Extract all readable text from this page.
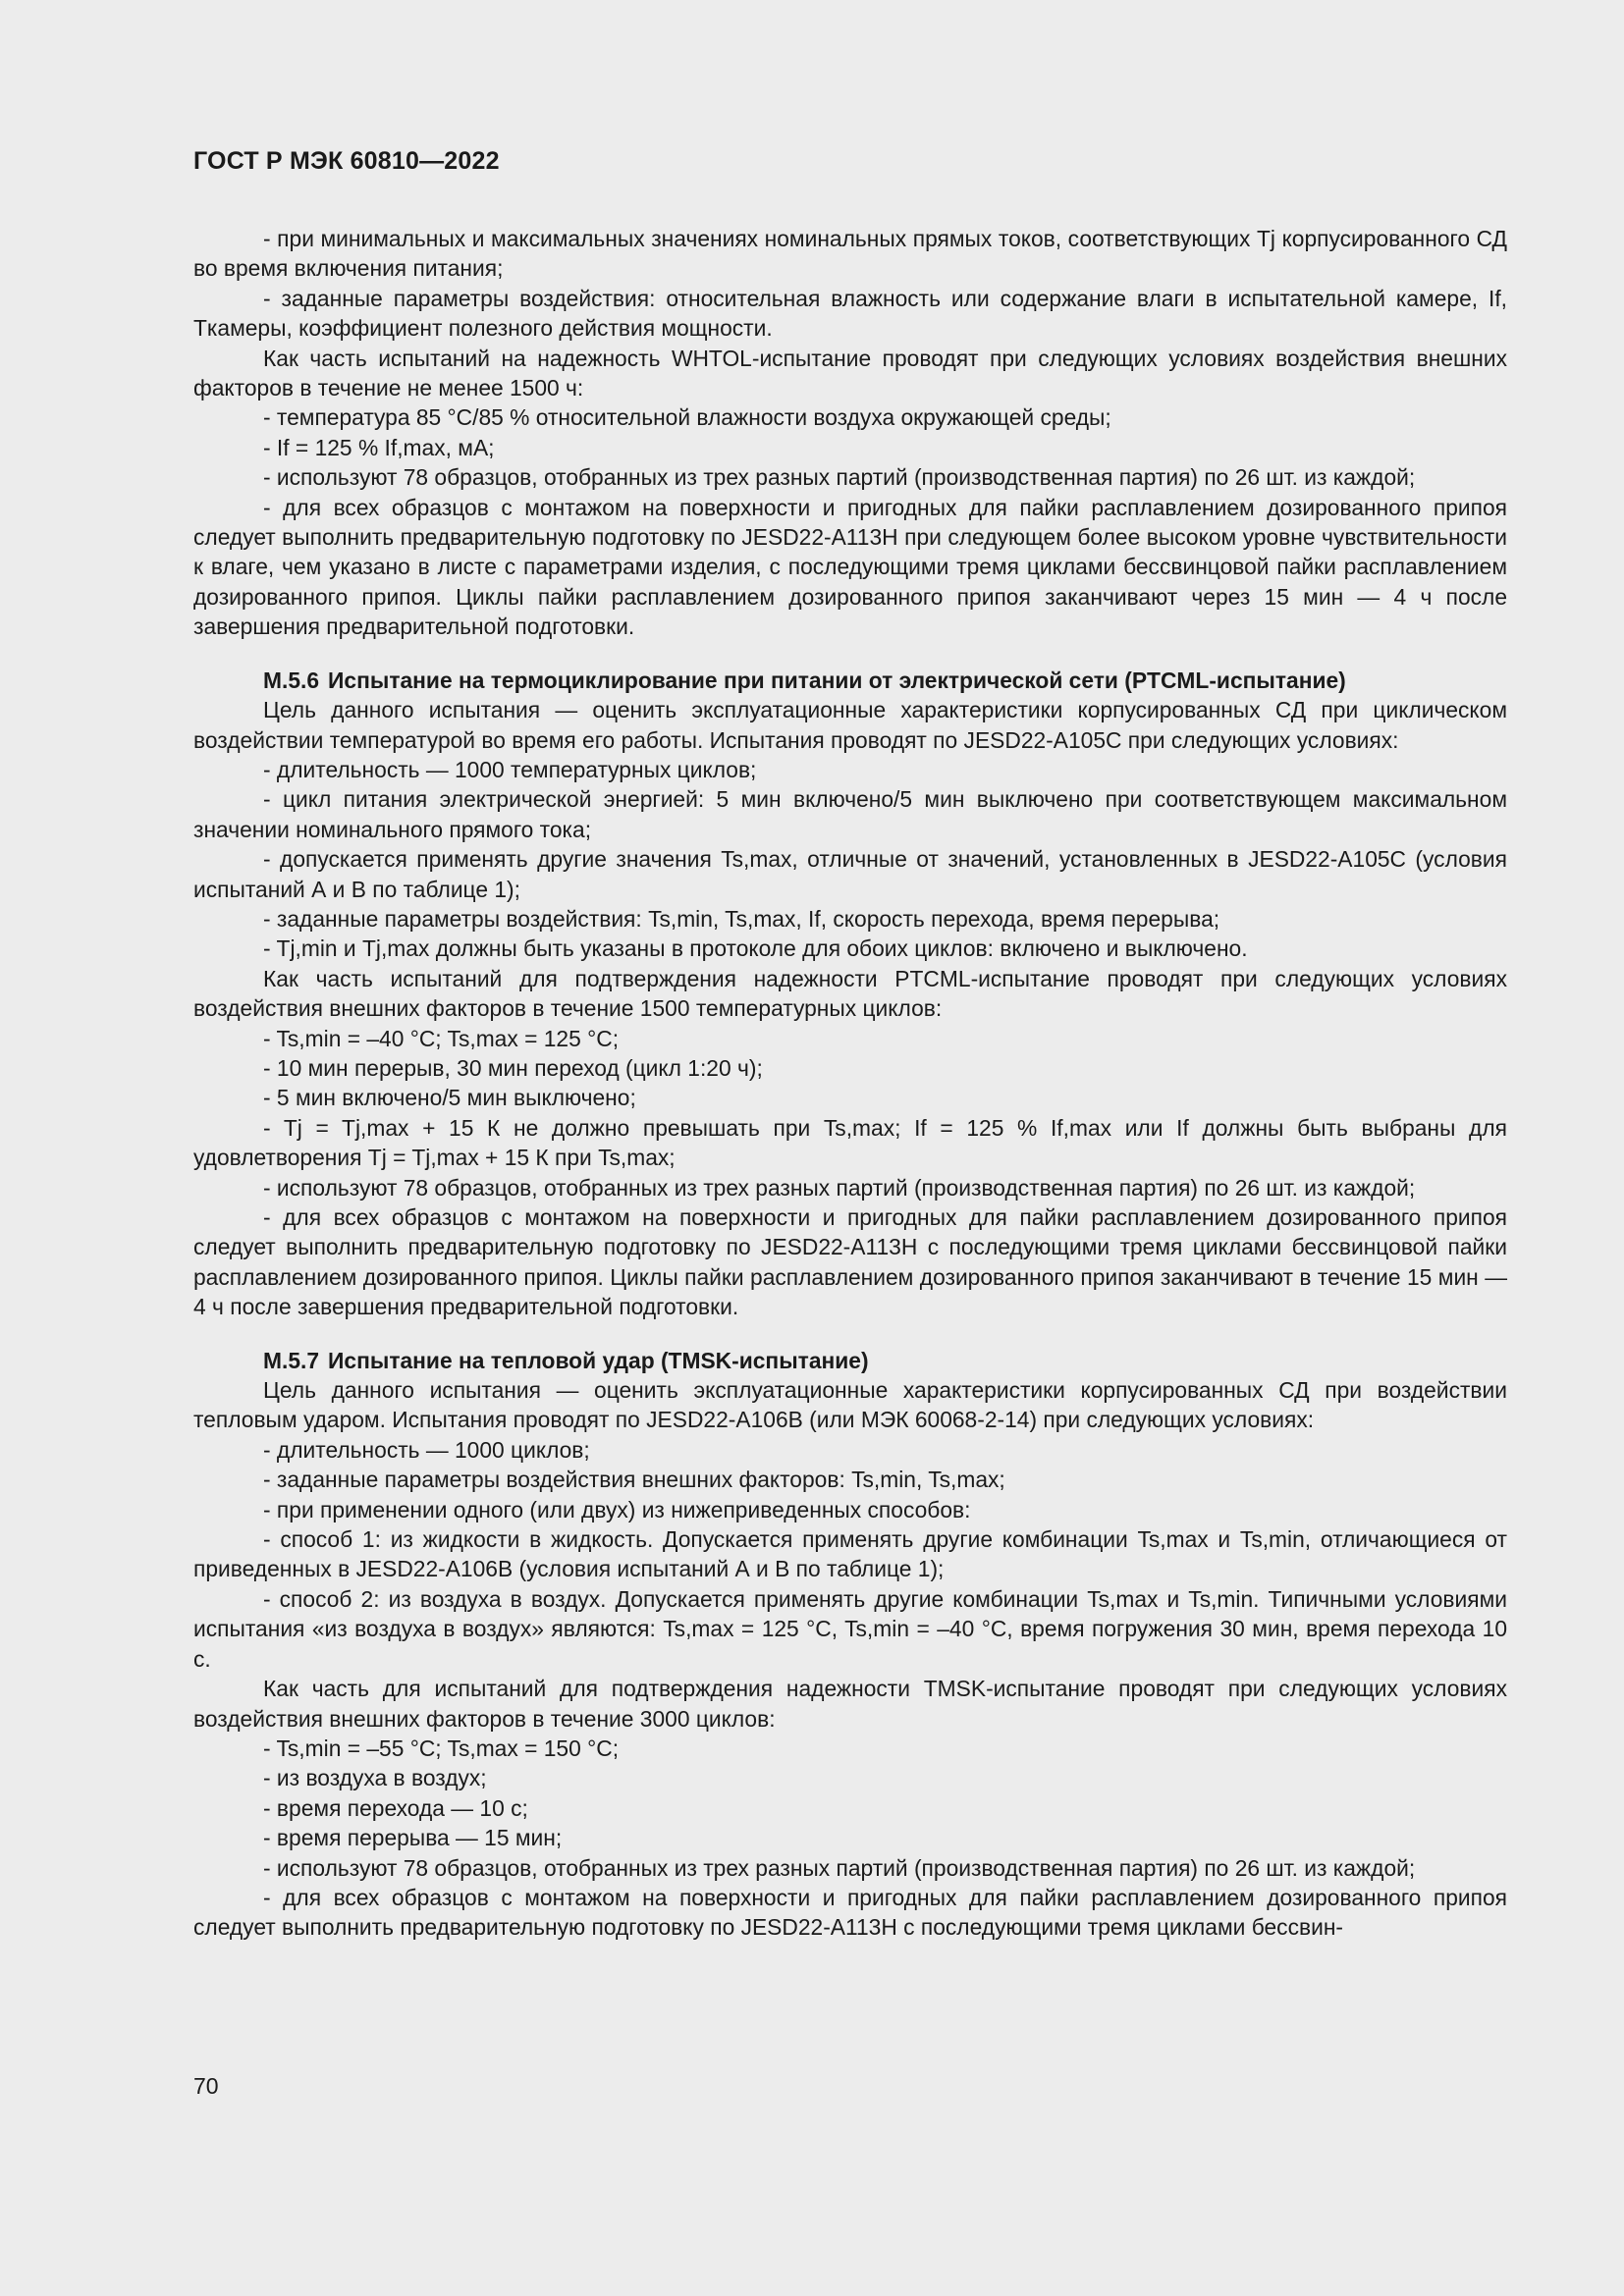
ГОСТ Р МЭК 60810—2022

- при минимальных и максимальных значениях номинальных прямых токов, соответствующих Tj корпусированного СД во время включения питания;

- заданные параметры воздействия: относительная влажность или содержание влаги в испытательной камере, If, Tкамеры, коэффициент полезного действия мощности.

Как часть испытаний на надежность WHTOL-испытание проводят при следующих условиях воздействия внешних факторов в течение не менее 1500 ч:

- температура 85 °C/85 % относительной влажности воздуха окружающей среды;

- If = 125 % If,max, мА;

- используют 78 образцов, отобранных из трех разных партий (производственная партия) по 26 шт. из каждой;

- для всех образцов с монтажом на поверхности и пригодных для пайки расплавлением дозированного припоя следует выполнить предварительную подготовку по JESD22-A113H при следующем более высоком уровне чувствительности к влаге, чем указано в листе с параметрами изделия, с последующими тремя циклами бессвинцовой пайки расплавлением дозированного припоя. Циклы пайки расплавлением дозированного припоя заканчивают через 15 мин — 4 ч после завершения предварительной подготовки.

М.5.6 Испытание на термоциклирование при питании от электрической сети (PTCML-испытание)

Цель данного испытания — оценить эксплуатационные характеристики корпусированных СД при циклическом воздействии температурой во время его работы. Испытания проводят по JESD22-A105C при следующих условиях:

- длительность — 1000 температурных циклов;

- цикл питания электрической энергией: 5 мин включено/5 мин выключено при соответствующем максимальном значении номинального прямого тока;

- допускается применять другие значения Ts,max, отличные от значений, установленных в JESD22-A105C (условия испытаний А и В по таблице 1);

- заданные параметры воздействия: Ts,min, Ts,max, If, скорость перехода, время перерыва;

- Tj,min и Tj,max должны быть указаны в протоколе для обоих циклов: включено и выключено.

Как часть испытаний для подтверждения надежности PTCML-испытание проводят при следующих условиях воздействия внешних факторов в течение 1500 температурных циклов:

- Ts,min = –40 °C; Ts,max = 125 °C;

- 10 мин перерыв, 30 мин переход (цикл 1:20 ч);

- 5 мин включено/5 мин выключено;

- Tj = Tj,max + 15 К не должно превышать при Ts,max; If = 125 % If,max или If должны быть выбраны для удовлетворения Tj = Tj,max + 15 К при Ts,max;

- используют 78 образцов, отобранных из трех разных партий (производственная партия) по 26 шт. из каждой;

- для всех образцов с монтажом на поверхности и пригодных для пайки расплавлением дозированного припоя следует выполнить предварительную подготовку по JESD22-A113H с последующими тремя циклами бессвинцовой пайки расплавлением дозированного припоя. Циклы пайки расплавлением дозированного припоя заканчивают в течение 15 мин — 4 ч после завершения предварительной подготовки.

М.5.7 Испытание на тепловой удар (TMSK-испытание)

Цель данного испытания — оценить эксплуатационные характеристики корпусированных СД при воздействии тепловым ударом. Испытания проводят по JESD22-A106B (или МЭК 60068-2-14) при следующих условиях:

- длительность — 1000 циклов;

- заданные параметры воздействия внешних факторов: Ts,min, Ts,max;

- при применении одного (или двух) из нижеприведенных способов:

- способ 1: из жидкости в жидкость. Допускается применять другие комбинации Ts,max и Ts,min, отличающиеся от приведенных в JESD22-A106B (условия испытаний А и В по таблице 1);

- способ 2: из воздуха в воздух. Допускается применять другие комбинации Ts,max и Ts,min. Типичными условиями испытания «из воздуха в воздух» являются: Ts,max = 125 °C, Ts,min = –40 °C, время погружения 30 мин, время перехода 10 с.

Как часть для испытаний для подтверждения надежности TMSK-испытание проводят при следующих условиях воздействия внешних факторов в течение 3000 циклов:

- Ts,min = –55 °C; Ts,max = 150 °C;

- из воздуха в воздух;

- время перехода — 10 с;

- время перерыва — 15 мин;

- используют 78 образцов, отобранных из трех разных партий (производственная партия) по 26 шт. из каждой;

- для всех образцов с монтажом на поверхности и пригодных для пайки расплавлением дозированного припоя следует выполнить предварительную подготовку по JESD22-A113H с последующими тремя циклами бессвин-

70
